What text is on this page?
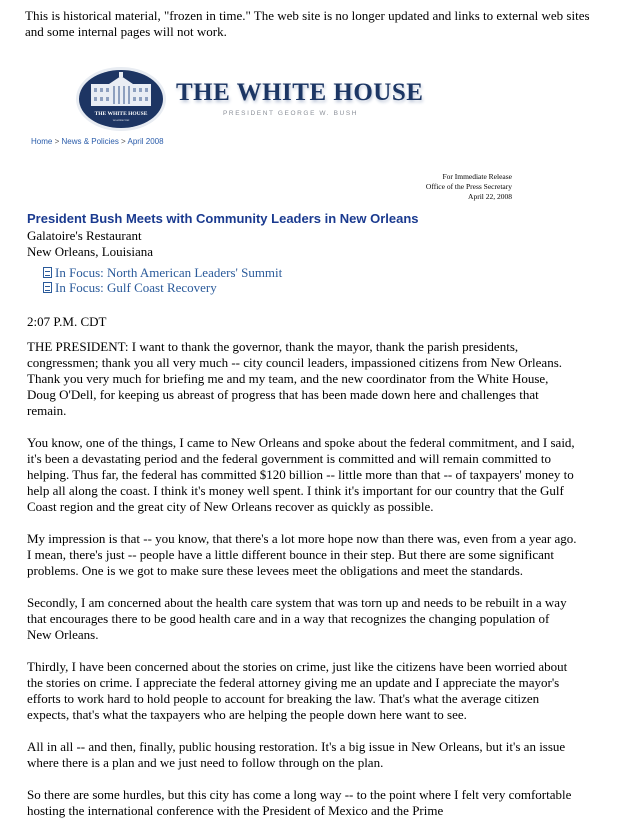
This is historical material, "frozen in time." The web site is no longer updated and links to external web sites and some internal pages will not work.
THE WHITE HOUSE
WASHINGTON
THE WHITE HOUSE
PRESIDENT GEORGE W. BUSH
Home > News & Policies > April 2008
For Immediate Release
Office of the Press Secretary
April 22, 2008
President Bush Meets with Community Leaders in New Orleans
Galatoire's Restaurant
New Orleans, Louisiana
In Focus: North American Leaders' Summit
In Focus: Gulf Coast Recovery
2:07 P.M. CDT

THE PRESIDENT: I want to thank the governor, thank the mayor, thank the parish presidents, congressmen; thank you all very much -- city council leaders, impassioned citizens from New Orleans. Thank you very much for briefing me and my team, and the new coordinator from the White House, Doug O'Dell, for keeping us abreast of progress that has been made down here and challenges that remain.

You know, one of the things, I came to New Orleans and spoke about the federal commitment, and I said, it's been a devastating period and the federal government is committed and will remain committed to helping. Thus far, the federal has committed $120 billion -- little more than that -- of taxpayers' money to help all along the coast. I think it's money well spent. I think it's important for our country that the Gulf Coast region and the great city of New Orleans recover as quickly as possible.

My impression is that -- you know, that there's a lot more hope now than there was, even from a year ago. I mean, there's just -- people have a little different bounce in their step. But there are some significant problems. One is we got to make sure these levees meet the obligations and meet the standards.

Secondly, I am concerned about the health care system that was torn up and needs to be rebuilt in a way that encourages there to be good health care and in a way that recognizes the changing population of New Orleans.

Thirdly, I have been concerned about the stories on crime, just like the citizens have been worried about the stories on crime. I appreciate the federal attorney giving me an update and I appreciate the mayor's efforts to work hard to hold people to account for breaking the law. That's what the average citizen expects, that's what the taxpayers who are helping the people down here want to see.

All in all -- and then, finally, public housing restoration. It's a big issue in New Orleans, but it's an issue where there is a plan and we just need to follow through on the plan.

So there are some hurdles, but this city has come a long way -- to the point where I felt very comfortable hosting the international conference with the President of Mexico and the Prime
